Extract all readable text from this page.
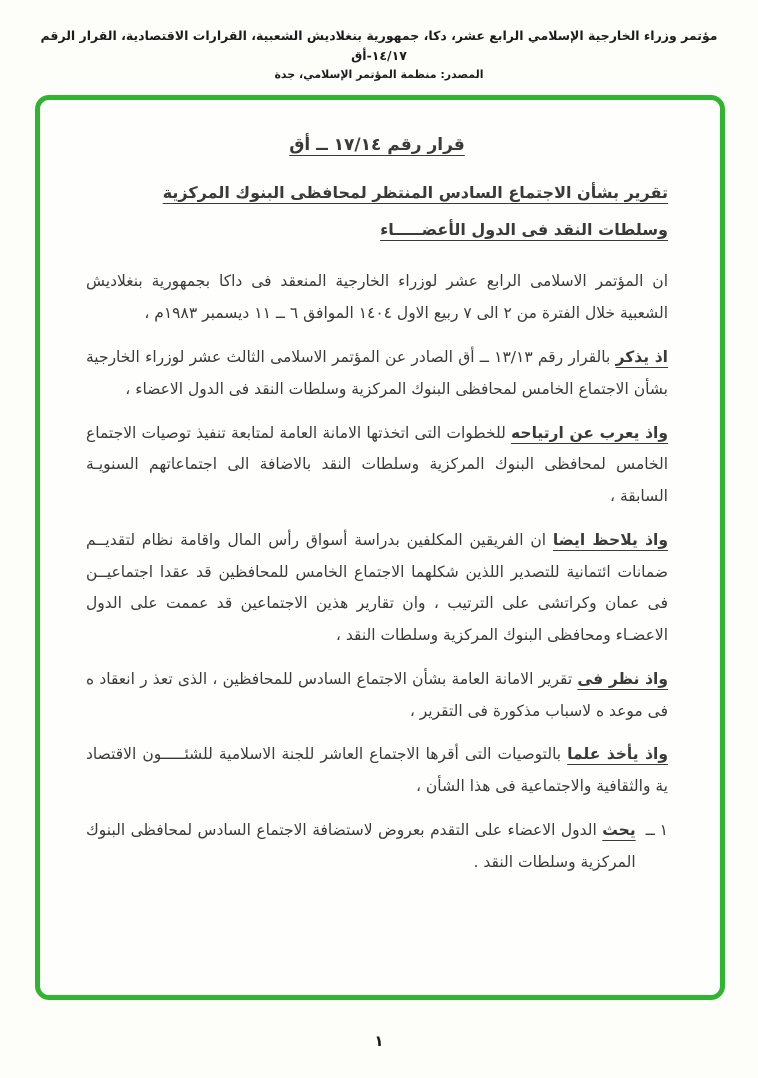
مؤتمر وزراء الخارجية الإسلامي الرابع عشر، دكا، جمهورية بنغلاديش الشعبية، القرارات الاقتصادية، القرار الرقم ١٤/١٧-أق
المصدر: منظمة المؤتمر الإسلامي، جدة
قرار رقم ١٧/١٤ ــ أق
تقرير بشأن الاجتماع السادس المنتظر لمحافظى البنوك المركزية
وسلطات النقد فى الدول الأعضـــــاء

ان المؤتمر الاسلامى الرابع عشر لوزراء الخارجية المنعقد فى داكا بجمهورية بنغلاديش الشعبية خلال الفترة من ٢ الى ٧ ربيع الاول ١٤٠٤ الموافق ٦ ــ ١١ ديسمبر ١٩٨٣م ،

اذ يذكر بالقرار رقم ١٣/١٣ ــ أق الصادر عن المؤتمر الاسلامى الثالث عشر لوزراء الخارجية بشأن الاجتماع الخامس لمحافظى البنوك المركزية وسلطات النقد فى الدول الاعضاء ،

واذ يعرب عن ارتياحه للخطوات التى اتخذتها الامانة العامة لمتابعة تنفيذ توصيات الاجتماع الخامس لمحافظى البنوك المركزية وسلطات النقد بالاضافة الى اجتماعاتهم السنويـة السابقة ،

واذ يلاحظ ايضا ان الفريقين المكلفين بدراسة أسواق رأس المال واقامة نظام لتقديــم ضمانات ائتمانية للتصدير اللذين شكلهما الاجتماع الخامس للمحافظين قد عقدا اجتماعيــن فى عمان وكراتشى على الترتيب ، وان تقارير هذين الاجتماعين قد عممت على الدول الاعضـاء ومحافظى البنوك المركزية وسلطات النقد ،

واذ نظر فى تقرير الامانة العامة بشأن الاجتماع السادس للمحافظين ، الذى تعذ ر انعقاد ه فى موعد ه لاسباب مذكورة فى التقرير ،

واذ يأخذ علما بالتوصيات التى أقرها الاجتماع العاشر للجنة الاسلامية للشئـــــون الاقتصاد ية والثقافية والاجتماعية فى هذا الشأن ،

١ ــ
يحث الدول الاعضاء على التقدم بعروض لاستضافة الاجتماع السادس لمحافظى البنوك المركزية وسلطات النقد .
١
